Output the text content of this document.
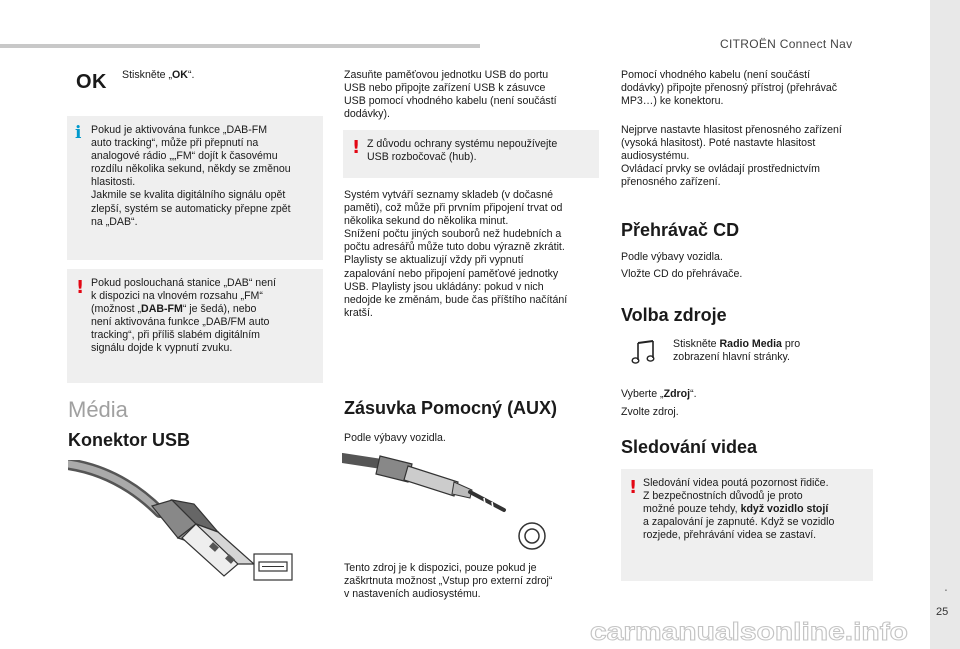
CITROËN Connect Nav
.
25
OK Stiskněte „OK“.
i Pokud je aktivována funkce „DAB-FM
auto tracking“, může při přepnutí na
analogové rádio „„FM“ dojít k časovému
rozdílu několika sekund, někdy se změnou
hlasitosti.
Jakmile se kvalita digitálního signálu opět
zlepší, systém se automaticky přepne zpět
na „DAB“.
! Pokud poslouchaná stanice „DAB“ není
k dispozici na vlnovém rozsahu „FM“
(možnost „DAB-FM“ je šedá), nebo
není aktivována funkce „DAB/FM auto
tracking“, při příliš slabém digitálním
signálu dojde k vypnutí zvuku.
Média
Konektor USB
Zasuňte paměťovou jednotku USB do portu
USB nebo připojte zařízení USB k zásuvce
USB pomocí vhodného kabelu (není součástí
dodávky).
! Z důvodu ochrany systému nepoužívejte
USB rozbočovač (hub).
Systém vytváří seznamy skladeb (v dočasné
paměti), což může při prvním připojení trvat od
několika sekund do několika minut.
Snížení počtu jiných souborů než hudebních a
počtu adresářů může tuto dobu výrazně zkrátit.
Playlisty se aktualizují vždy při vypnutí
zapalování nebo připojení paměťové jednotky
USB. Playlisty jsou ukládány: pokud v nich
nedojde ke změnám, bude čas příštího načítání
kratší.
Zásuvka Pomocný (AUX)
Podle výbavy vozidla.
Tento zdroj je k dispozici, pouze pokud je
zaškrtnuta možnost „Vstup pro externí zdroj“
v nastaveních audiosystému.
Pomocí vhodného kabelu (není součástí
dodávky) připojte přenosný přístroj (přehrávač
MP3…) ke konektoru.
Nejprve nastavte hlasitost přenosného zařízení
(vysoká hlasitost). Poté nastavte hlasitost
audiosystému.
Ovládací prvky se ovládají prostřednictvím
přenosného zařízení.
Přehrávač CD
Podle výbavy vozidla.
Vložte CD do přehrávače.
Volba zdroje
Stiskněte Radio Media pro
zobrazení hlavní stránky.
Vyberte „Zdroj“.
Zvolte zdroj.
Sledování videa
! Sledování videa poutá pozornost řidiče.
Z bezpečnostních důvodů je proto
možné pouze tehdy, když vozidlo stojí
a zapalování je zapnuté. Když se vozidlo
rozjede, přehrávání videa se zastaví.
carmanualsonline.info
